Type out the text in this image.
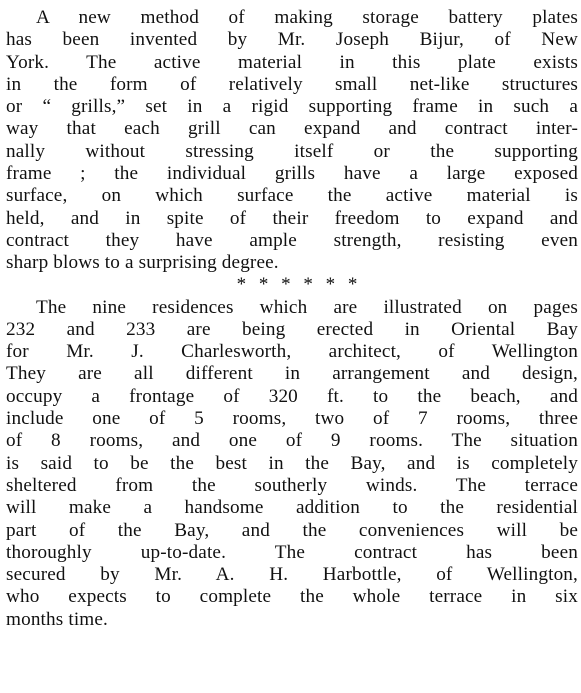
A new method of making storage battery plates
has been invented by Mr. Joseph Bijur, of New
York. The active material in this plate exists
in the form of relatively small net-like structures
or “ grills,” set in a rigid supporting frame in such a
way that each grill can expand and contract inter-
nally without stressing itself or the supporting
frame ; the individual grills have a large exposed
surface, on which surface the active material is
held, and in spite of their freedom to expand and
contract they have ample strength, resisting even
sharp blows to a surprising degree.
* * * * * *
The nine residences which are illustrated on pages
232 and 233 are being erected in Oriental Bay
for Mr. J. Charlesworth, architect, of Wellington
They are all different in arrangement and design,
occupy a frontage of 320 ft. to the beach, and
include one of 5 rooms, two of 7 rooms, three
of 8 rooms, and one of 9 rooms. The situation
is said to be the best in the Bay, and is completely
sheltered from the southerly winds. The terrace
will make a handsome addition to the residential
part of the Bay, and the conveniences will be
thoroughly up-to-date. The contract has been
secured by Mr. A. H. Harbottle, of Wellington,
who expects to complete the whole terrace in six
months time.
